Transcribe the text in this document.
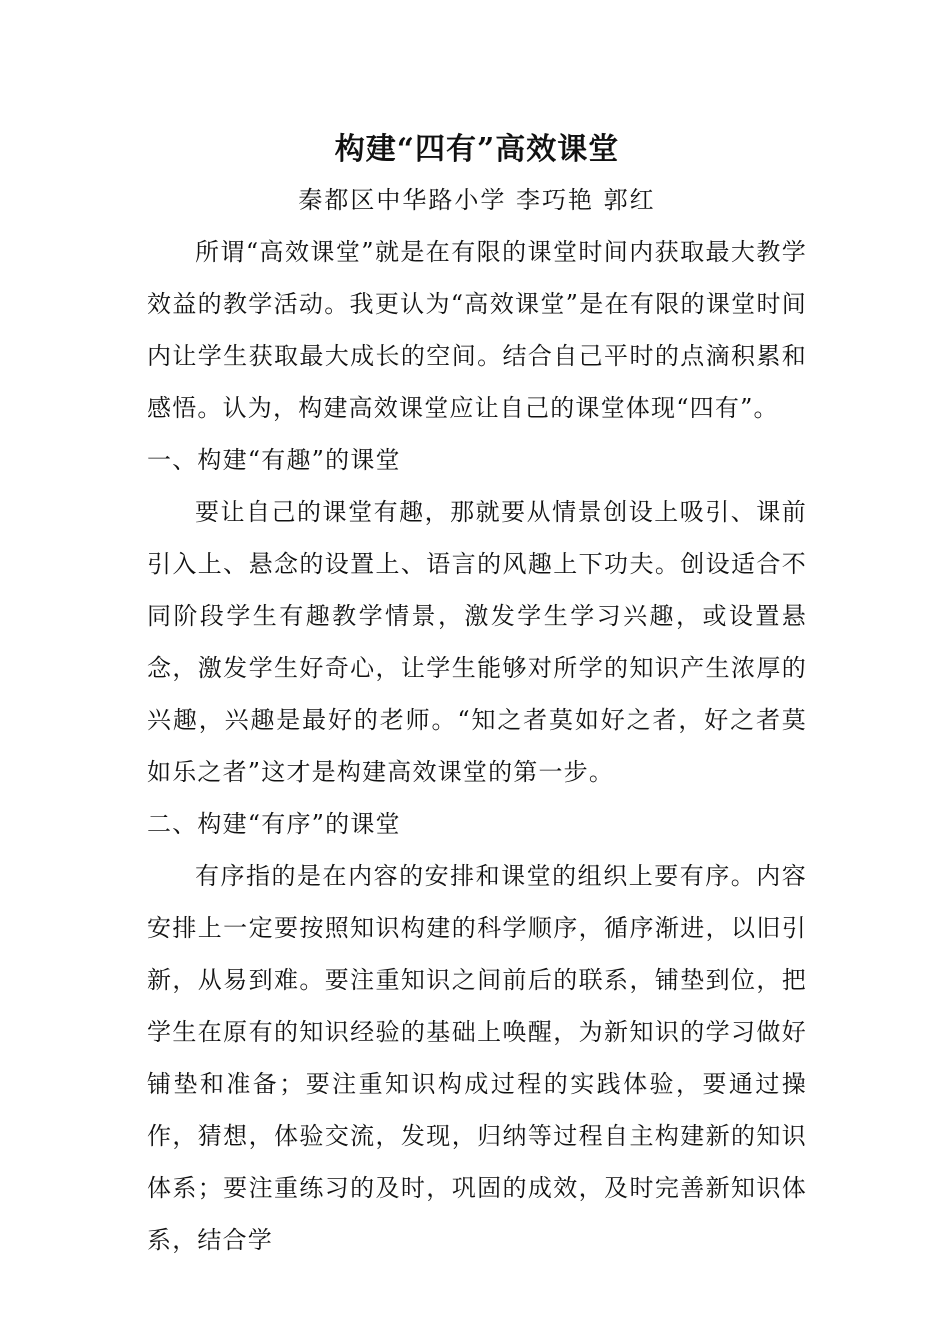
构建“四有”高效课堂

秦都区中华路小学 李巧艳 郭红

所谓“高效课堂”就是在有限的课堂时间内获取最大教学效益的教学活动。我更认为“高效课堂”是在有限的课堂时间内让学生获取最大成长的空间。结合自己平时的点滴积累和感悟。认为，构建高效课堂应让自己的课堂体现“四有”。

一、构建“有趣”的课堂

要让自己的课堂有趣，那就要从情景创设上吸引、课前引入上、悬念的设置上、语言的风趣上下功夫。创设适合不同阶段学生有趣教学情景，激发学生学习兴趣，或设置悬念，激发学生好奇心，让学生能够对所学的知识产生浓厚的兴趣，兴趣是最好的老师。“知之者莫如好之者，好之者莫如乐之者”这才是构建高效课堂的第一步。

二、构建“有序”的课堂

有序指的是在内容的安排和课堂的组织上要有序。内容安排上一定要按照知识构建的科学顺序，循序渐进，以旧引新，从易到难。要注重知识之间前后的联系，铺垫到位，把学生在原有的知识经验的基础上唤醒，为新知识的学习做好铺垫和准备；要注重知识构成过程的实践体验，要通过操作，猜想，体验交流，发现，归纳等过程自主构建新的知识体系；要注重练习的及时，巩固的成效，及时完善新知识体系，结合学
